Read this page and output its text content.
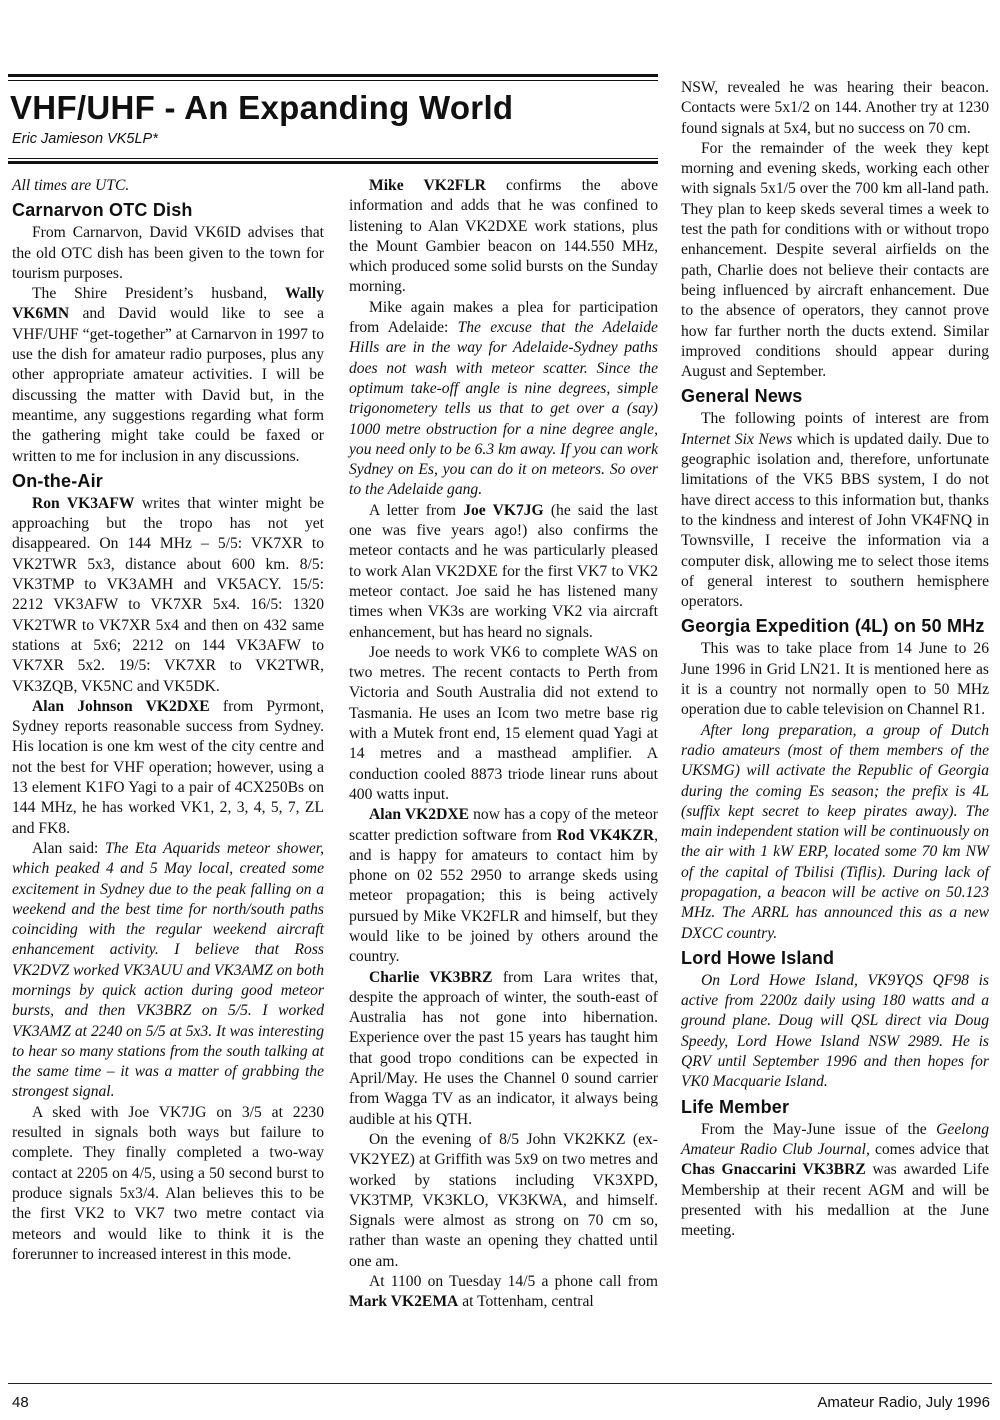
VHF/UHF - An Expanding World
Eric Jamieson VK5LP*

All times are UTC.

Carnarvon OTC Dish

From Carnarvon, David VK6ID advises that the old OTC dish has been given to the town for tourism purposes.

The Shire President’s husband, Wally VK6MN and David would like to see a VHF/UHF “get-together” at Carnarvon in 1997 to use the dish for amateur radio purposes, plus any other appropriate amateur activities. I will be discussing the matter with David but, in the meantime, any suggestions regarding what form the gathering might take could be faxed or written to me for inclusion in any discussions.

On-the-Air

Ron VK3AFW writes that winter might be approaching but the tropo has not yet disappeared. On 144 MHz – 5/5: VK7XR to VK2TWR 5x3, distance about 600 km. 8/5: VK3TMP to VK3AMH and VK5ACY. 15/5: 2212 VK3AFW to VK7XR 5x4. 16/5: 1320 VK2TWR to VK7XR 5x4 and then on 432 same stations at 5x6; 2212 on 144 VK3AFW to VK7XR 5x2. 19/5: VK7XR to VK2TWR, VK3ZQB, VK5NC and VK5DK.

Alan Johnson VK2DXE from Pyrmont, Sydney reports reasonable success from Sydney. His location is one km west of the city centre and not the best for VHF operation; however, using a 13 element K1FO Yagi to a pair of 4CX250Bs on 144 MHz, he has worked VK1, 2, 3, 4, 5, 7, ZL and FK8.

Alan said: The Eta Aquarids meteor shower, which peaked 4 and 5 May local, created some excitement in Sydney due to the peak falling on a weekend and the best time for north/south paths coinciding with the regular weekend aircraft enhancement activity. I believe that Ross VK2DVZ worked VK3AUU and VK3AMZ on both mornings by quick action during good meteor bursts, and then VK3BRZ on 5/5. I worked VK3AMZ at 2240 on 5/5 at 5x3. It was interesting to hear so many stations from the south talking at the same time – it was a matter of grabbing the strongest signal.

A sked with Joe VK7JG on 3/5 at 2230 resulted in signals both ways but failure to complete. They finally completed a two-way contact at 2205 on 4/5, using a 50 second burst to produce signals 5x3/4. Alan believes this to be the first VK2 to VK7 two metre contact via meteors and would like to think it is the forerunner to increased interest in this mode.

Mike VK2FLR confirms the above information and adds that he was confined to listening to Alan VK2DXE work stations, plus the Mount Gambier beacon on 144.550 MHz, which produced some solid bursts on the Sunday morning.

Mike again makes a plea for participation from Adelaide: The excuse that the Adelaide Hills are in the way for Adelaide-Sydney paths does not wash with meteor scatter. Since the optimum take-off angle is nine degrees, simple trigonometery tells us that to get over a (say) 1000 metre obstruction for a nine degree angle, you need only to be 6.3 km away. If you can work Sydney on Es, you can do it on meteors. So over to the Adelaide gang.

A letter from Joe VK7JG (he said the last one was five years ago!) also confirms the meteor contacts and he was particularly pleased to work Alan VK2DXE for the first VK7 to VK2 meteor contact. Joe said he has listened many times when VK3s are working VK2 via aircraft enhancement, but has heard no signals.

Joe needs to work VK6 to complete WAS on two metres. The recent contacts to Perth from Victoria and South Australia did not extend to Tasmania. He uses an Icom two metre base rig with a Mutek front end, 15 element quad Yagi at 14 metres and a masthead amplifier. A conduction cooled 8873 triode linear runs about 400 watts input.

Alan VK2DXE now has a copy of the meteor scatter prediction software from Rod VK4KZR, and is happy for amateurs to contact him by phone on 02 552 2950 to arrange skeds using meteor propagation; this is being actively pursued by Mike VK2FLR and himself, but they would like to be joined by others around the country.

Charlie VK3BRZ from Lara writes that, despite the approach of winter, the south-east of Australia has not gone into hibernation. Experience over the past 15 years has taught him that good tropo conditions can be expected in April/May. He uses the Channel 0 sound carrier from Wagga TV as an indicator, it always being audible at his QTH.

On the evening of 8/5 John VK2KKZ (ex-VK2YEZ) at Griffith was 5x9 on two metres and worked by stations including VK3XPD, VK3TMP, VK3KLO, VK3KWA, and himself. Signals were almost as strong on 70 cm so, rather than waste an opening they chatted until one am.

At 1100 on Tuesday 14/5 a phone call from Mark VK2EMA at Tottenham, central

NSW, revealed he was hearing their beacon. Contacts were 5x1/2 on 144. Another try at 1230 found signals at 5x4, but no success on 70 cm.

For the remainder of the week they kept morning and evening skeds, working each other with signals 5x1/5 over the 700 km all-land path. They plan to keep skeds several times a week to test the path for conditions with or without tropo enhancement. Despite several airfields on the path, Charlie does not believe their contacts are being influenced by aircraft enhancement. Due to the absence of operators, they cannot prove how far further north the ducts extend. Similar improved conditions should appear during August and September.

General News

The following points of interest are from Internet Six News which is updated daily. Due to geographic isolation and, therefore, unfortunate limitations of the VK5 BBS system, I do not have direct access to this information but, thanks to the kindness and interest of John VK4FNQ in Townsville, I receive the information via a computer disk, allowing me to select those items of general interest to southern hemisphere operators.

Georgia Expedition (4L) on 50 MHz

This was to take place from 14 June to 26 June 1996 in Grid LN21. It is mentioned here as it is a country not normally open to 50 MHz operation due to cable television on Channel R1.

After long preparation, a group of Dutch radio amateurs (most of them members of the UKSMG) will activate the Republic of Georgia during the coming Es season; the prefix is 4L (suffix kept secret to keep pirates away). The main independent station will be continuously on the air with 1 kW ERP, located some 70 km NW of the capital of Tbilisi (Tiflis). During lack of propagation, a beacon will be active on 50.123 MHz. The ARRL has announced this as a new DXCC country.

Lord Howe Island

On Lord Howe Island, VK9YQS QF98 is active from 2200z daily using 180 watts and a ground plane. Doug will QSL direct via Doug Speedy, Lord Howe Island NSW 2989. He is QRV until September 1996 and then hopes for VK0 Macquarie Island.

Life Member

From the May-June issue of the Geelong Amateur Radio Club Journal, comes advice that Chas Gnaccarini VK3BRZ was awarded Life Membership at their recent AGM and will be presented with his medallion at the June meeting.

48	Amateur Radio, July 1996
